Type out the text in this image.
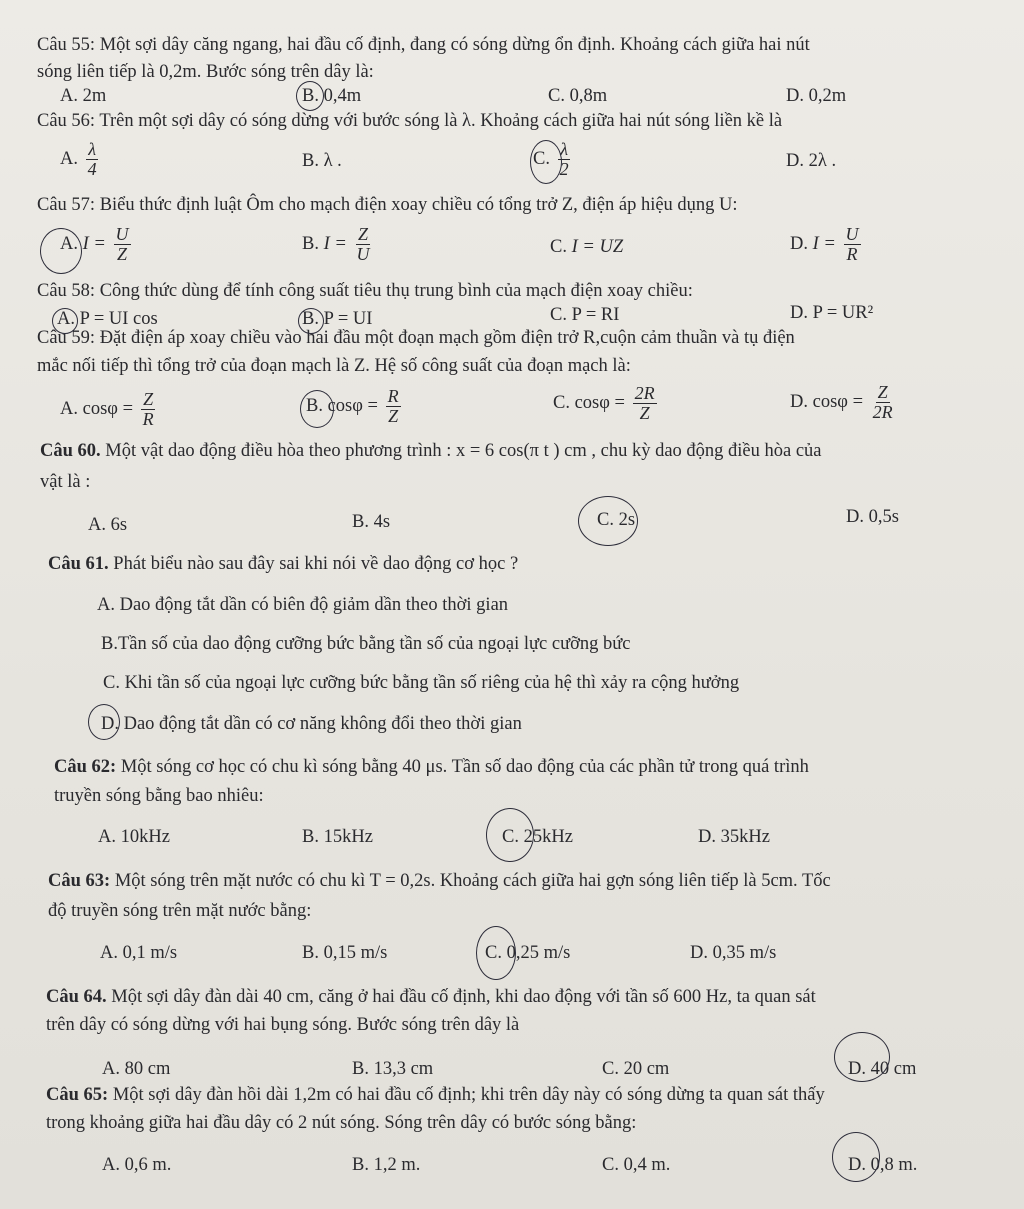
Câu 55: Một sợi dây căng ngang, hai đầu cố định, đang có sóng dừng ổn định. Khoảng cách giữa hai nút
sóng liên tiếp là 0,2m. Bước sóng trên dây là:
A. 2m	B. 0,4m	C. 0,8m	D. 0,2m
Câu 56: Trên một sợi dây có sóng dừng với bước sóng là λ. Khoảng cách giữa hai nút sóng liền kề là
A. $\frac{\lambda}{4}$	B. λ .	C. $\frac{\lambda}{2}$	D. 2λ .
Câu 57: Biểu thức định luật Ôm cho mạch điện xoay chiều có tổng trở Z, điện áp hiệu dụng U:
A. $I = \frac{U}{Z}$	B. $I = \frac{Z}{U}$	C. I = UZ	D. $I = \frac{U}{R}$
Câu 58: Công thức dùng để tính công suất tiêu thụ trung bình của mạch điện xoay chiều:
A. P = UI cos	B. P = UI	C. P = RI	D. P = UR²
Câu 59: Đặt điện áp xoay chiều vào hai đầu một đoạn mạch gồm điện trở R,cuộn cảm thuần và tụ điện
mắc nối tiếp thì tổng trở của đoạn mạch là Z. Hệ số công suất của đoạn mạch là:
A. $\cos\varphi = \frac{Z}{R}$	B. $\cos\varphi = \frac{R}{Z}$	C. $\cos\varphi = \frac{2R}{Z}$	D. $\cos\varphi = \frac{Z}{2R}$
Câu 60. Một vật dao động điều hòa theo phương trình : x = 6 cos(π t ) cm , chu kỳ dao động điều hòa của
vật là :
A. 6s	B. 4s	C. 2s	D. 0,5s
Câu 61. Phát biểu nào sau đây sai khi nói về dao động cơ học ?
A. Dao động tắt dần có biên độ giảm dần theo thời gian
B.Tần số của dao động cưỡng bức bằng tần số của ngoại lực cưỡng bức
C. Khi tần số của ngoại lực cưỡng bức bằng tần số riêng của hệ thì xảy ra cộng hưởng
D. Dao động tắt dần có cơ năng không đổi theo thời gian
Câu 62: Một sóng cơ học có chu kì sóng bằng 40 μs. Tần số dao động của các phần tử trong quá trình
truyền sóng bằng bao nhiêu:
A. 10kHz	B. 15kHz	C. 25kHz	D. 35kHz
Câu 63: Một sóng trên mặt nước có chu kì T = 0,2s. Khoảng cách giữa hai gợn sóng liên tiếp là 5cm. Tốc
độ truyền sóng trên mặt nước bằng:
A. 0,1 m/s	B. 0,15 m/s	C. 0,25 m/s	D. 0,35 m/s
Câu 64. Một sợi dây đàn dài 40 cm, căng ở hai đầu cố định, khi dao động với tần số 600 Hz, ta quan sát
trên dây có sóng dừng với hai bụng sóng. Bước sóng trên dây là
A. 80 cm	B. 13,3 cm	C. 20 cm	D. 40 cm
Câu 65: Một sợi dây đàn hồi dài 1,2m có hai đầu cố định; khi trên dây này có sóng dừng ta quan sát thấy
trong khoảng giữa hai đầu dây có 2 nút sóng. Sóng trên dây có bước sóng bằng:
A. 0,6 m.	B. 1,2 m.	C. 0,4 m.	D. 0,8 m.
